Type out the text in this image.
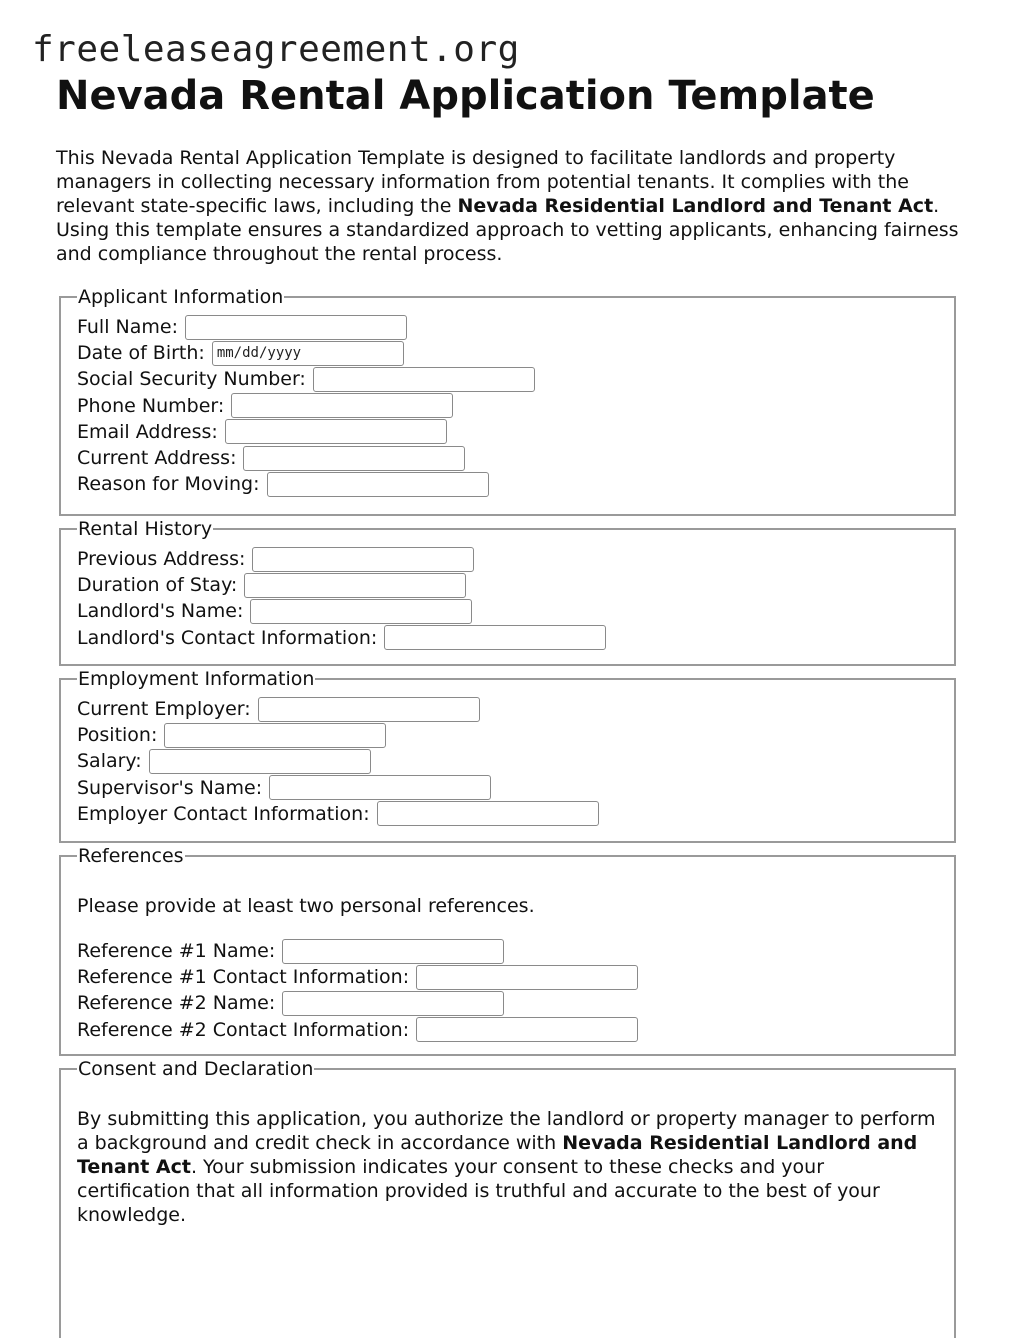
freeleaseagreement.org
Nevada Rental Application Template

This Nevada Rental Application Template is designed to facilitate landlords and property managers in collecting necessary information from potential tenants. It complies with the relevant state-specific laws, including the Nevada Residential Landlord and Tenant Act. Using this template ensures a standardized approach to vetting applicants, enhancing fairness and compliance throughout the rental process.

Applicant Information
Full Name:
Date of Birth:
mm/dd/yyyy
Social Security Number:
Phone Number:
Email Address:
Current Address:
Reason for Moving:
Rental History
Previous Address:
Duration of Stay:
Landlord's Name:
Landlord's Contact Information:
Employment Information
Current Employer:
Position:
Salary:
Supervisor's Name:
Employer Contact Information:
References

Please provide at least two personal references.

Reference #1 Name:
Reference #1 Contact Information:
Reference #2 Name:
Reference #2 Contact Information:
Consent and Declaration

By submitting this application, you authorize the landlord or property manager to perform a background and credit check in accordance with Nevada Residential Landlord and Tenant Act. Your submission indicates your consent to these checks and your certification that all information provided is truthful and accurate to the best of your knowledge.
